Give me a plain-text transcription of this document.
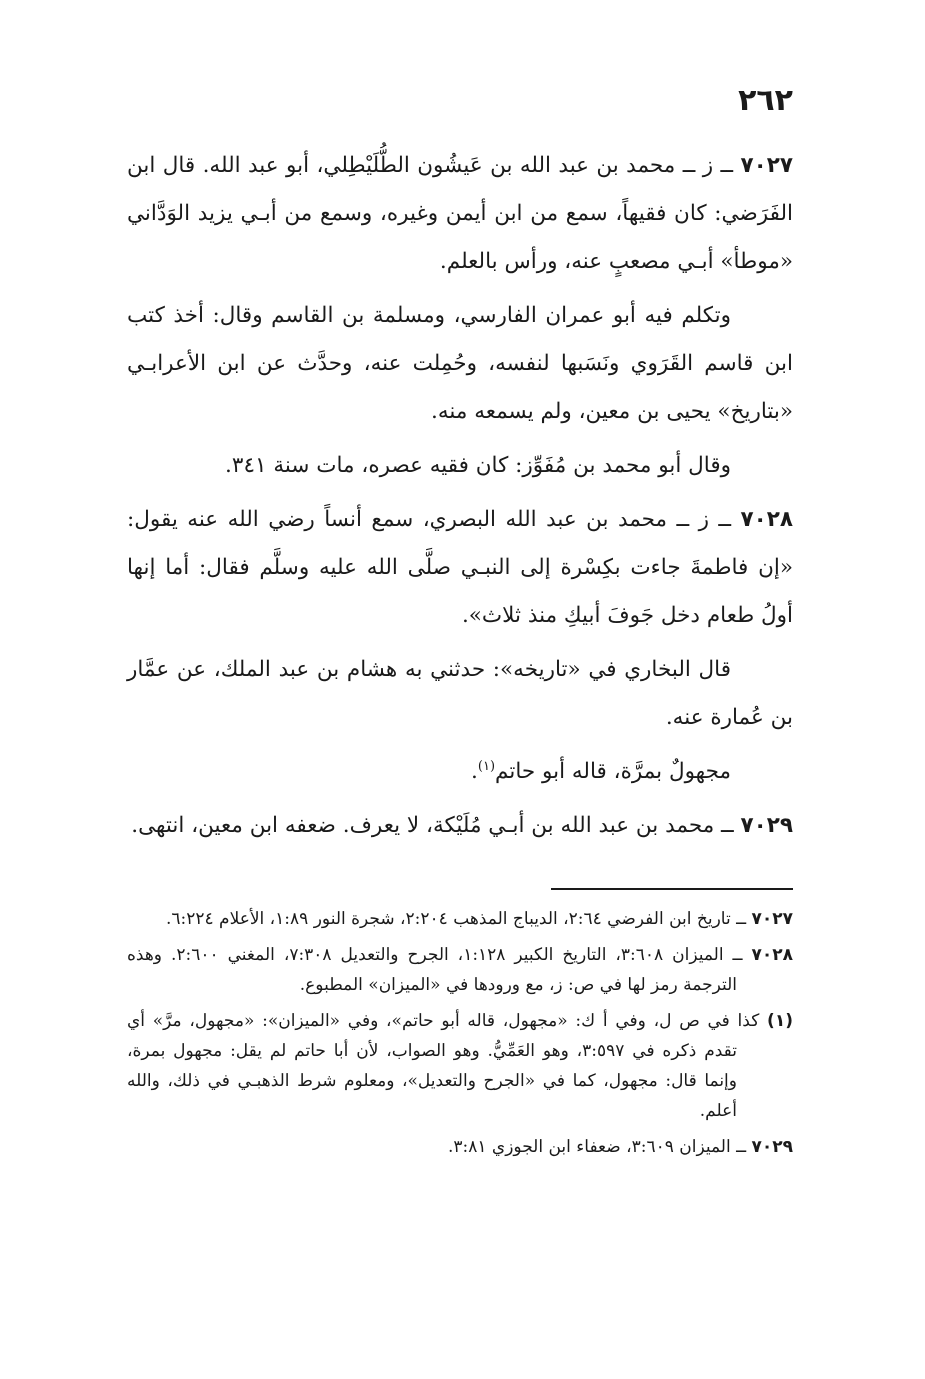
٢٦٢

٧٠٢٧ ــ ز ــ محمد بن عبد الله بن عَيشُون الطُّلَيْطِلي، أبو عبد الله. قال ابن الفَرَضي: كان فقيهاً، سمع من ابن أيمن وغيره، وسمع من أبـي يزيد الوَدَّاني «موطأ» أبـي مصعبٍ عنه، ورأس بالعلم.

وتكلم فيه أبو عمران الفارسي، ومسلمة بن القاسم وقال: أخذ كتب ابن قاسم القَرَوي ونَسَبها لنفسه، وحُمِلت عنه، وحدَّث عن ابن الأعرابـي «بتاريخ» يحيى بن معين، ولم يسمعه منه.

وقال أبو محمد بن مُفَوِّز: كان فقيه عصره، مات سنة ٣٤١.

٧٠٢٨ ــ ز ــ محمد بن عبد الله البصري، سمع أنساً رضي الله عنه يقول: «إن فاطمةَ جاءت بكِسْرة إلى النبـي صلَّى الله عليه وسلَّم فقال: أما إنها أولُ طعام دخل جَوفَ أبيكِ منذ ثلاث».

قال البخاري في «تاريخه»: حدثني به هشام بن عبد الملك، عن عمَّار بن عُمارة عنه.

مجهولٌ بمرَّة، قاله أبو حاتم$^{(١)}$.

٧٠٢٩ ــ محمد بن عبد الله بن أبـي مُلَيْكة، لا يعرف. ضعفه ابن معين، انتهى.

٧٠٢٧ ــ تاريخ ابن الفرضي ٢:٦٤، الديباج المذهب ٢:٢٠٤، شجرة النور ١:٨٩، الأعلام ٦:٢٢٤.

٧٠٢٨ ــ الميزان ٣:٦٠٨، التاريخ الكبير ١:١٢٨، الجرح والتعديل ٧:٣٠٨، المغني ٢:٦٠٠. وهذه الترجمة رمز لها في ص: ز، مع ورودها في «الميزان» المطبوع.

(١) كذا في ص ل، وفي أ ك: «مجهول، قاله أبو حاتم»، وفي «الميزان»: «مجهول، مرَّ» أي تقدم ذكره في ٣:٥٩٧، وهو العَمِّيُّ. وهو الصواب، لأن أبا حاتم لم يقل: مجهول بمرة، وإنما قال: مجهول، كما في «الجرح والتعديل»، ومعلوم شرط الذهبـي في ذلك، والله أعلم.

٧٠٢٩ ــ الميزان ٣:٦٠٩، ضعفاء ابن الجوزي ٣:٨١.
